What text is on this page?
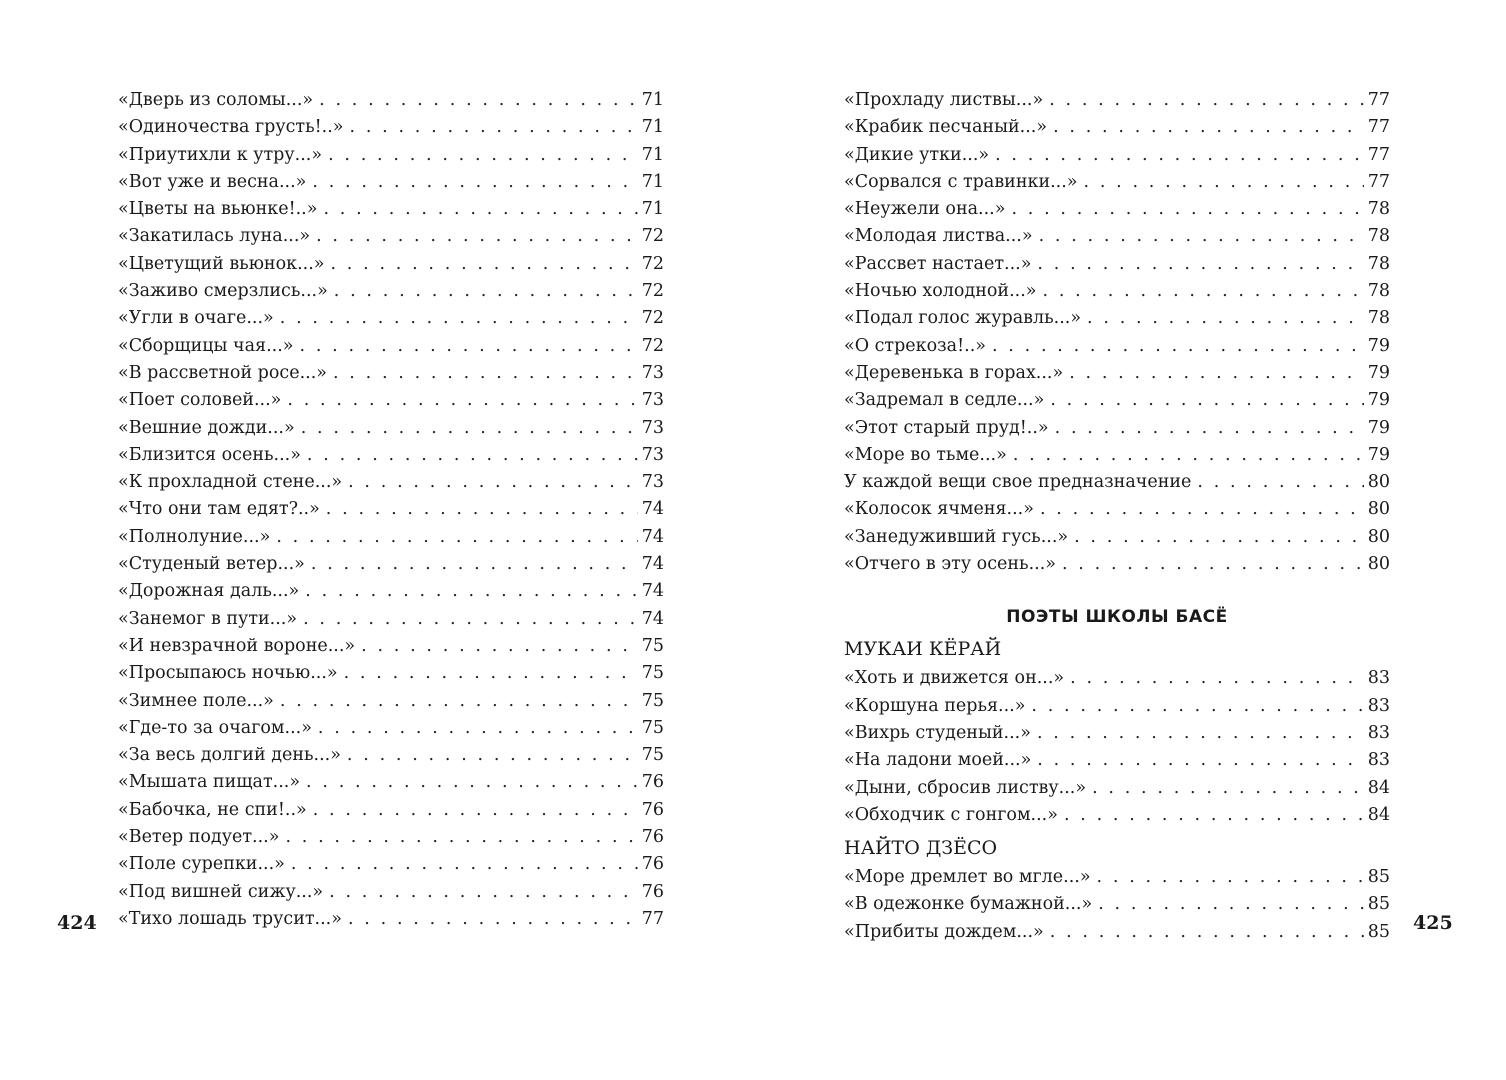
«Дверь из соломы...» . . .	71
«Одиночества грусть!..» . . .	71
«Приутихли к утру...» . . .	71
«Вот уже и весна...» . . .	71
«Цветы на вьюнке!..» . . .	71
«Закатилась луна...» . . .	72
«Цветущий вьюнок...» . . .	72
«Заживо смерзлись...» . . .	72
«Угли в очаге...» . . .	72
«Сборщицы чая...» . . .	72
«В рассветной росе...» . . .	73
«Поет соловей...» . . .	73
«Вешние дожди...» . . .	73
«Близится осень...» . . .	73
«К прохладной стене...» . . .	73
«Что они там едят?..» . . .	74
«Полнолуние...» . . .	74
«Студеный ветер...» . . .	74
«Дорожная даль...» . . .	74
«Занемог в пути...» . . .	74
«И невзрачной вороне...» . . .	75
«Просыпаюсь ночью...» . . .	75
«Зимнее поле...» . . .	75
«Где-то за очагом...» . . .	75
«За весь долгий день...» . . .	75
«Мышата пищат...» . . .	76
«Бабочка, не спи!..» . . .	76
«Ветер подует...» . . .	76
«Поле сурепки...» . . .	76
«Под вишней сижу...» . . .	76
«Тихо лошадь трусит...» . . .	77
«Прохладу листвы...» . . .	77
«Крабик песчаный...» . . .	77
«Дикие утки...» . . .	77
«Сорвался с травинки...» . . .	77
«Неужели она...» . . .	78
«Молодая листва...» . . .	78
«Рассвет настает...» . . .	78
«Ночью холодной...» . . .	78
«Подал голос журавль...» . . .	78
«О стрекоза!..» . . .	79
«Деревенька в горах...» . . .	79
«Задремал в седле...» . . .	79
«Этот старый пруд!..» . . .	79
«Море во тьме...» . . .	79
У каждой вещи свое предназначение . . .	80
«Колосок ячменя...» . . .	80
«Занедуживший гусь...» . . .	80
«Отчего в эту осень...» . . .	80
ПОЭТЫ ШКОЛЫ БАСЁ
МУКАИ КЁРАЙ
«Хоть и движется он...» . . .	83
«Коршуна перья...» . . .	83
«Вихрь студеный...» . . .	83
«На ладони моей...» . . .	83
«Дыни, сбросив листву...» . . .	84
«Обходчик с гонгом...» . . .	84
НАЙТО ДЗЁСО
«Море дремлет во мгле...» . . .	85
«В одежонке бумажной...» . . .	85
«Прибиты дождем...» . . .	85
424	425
